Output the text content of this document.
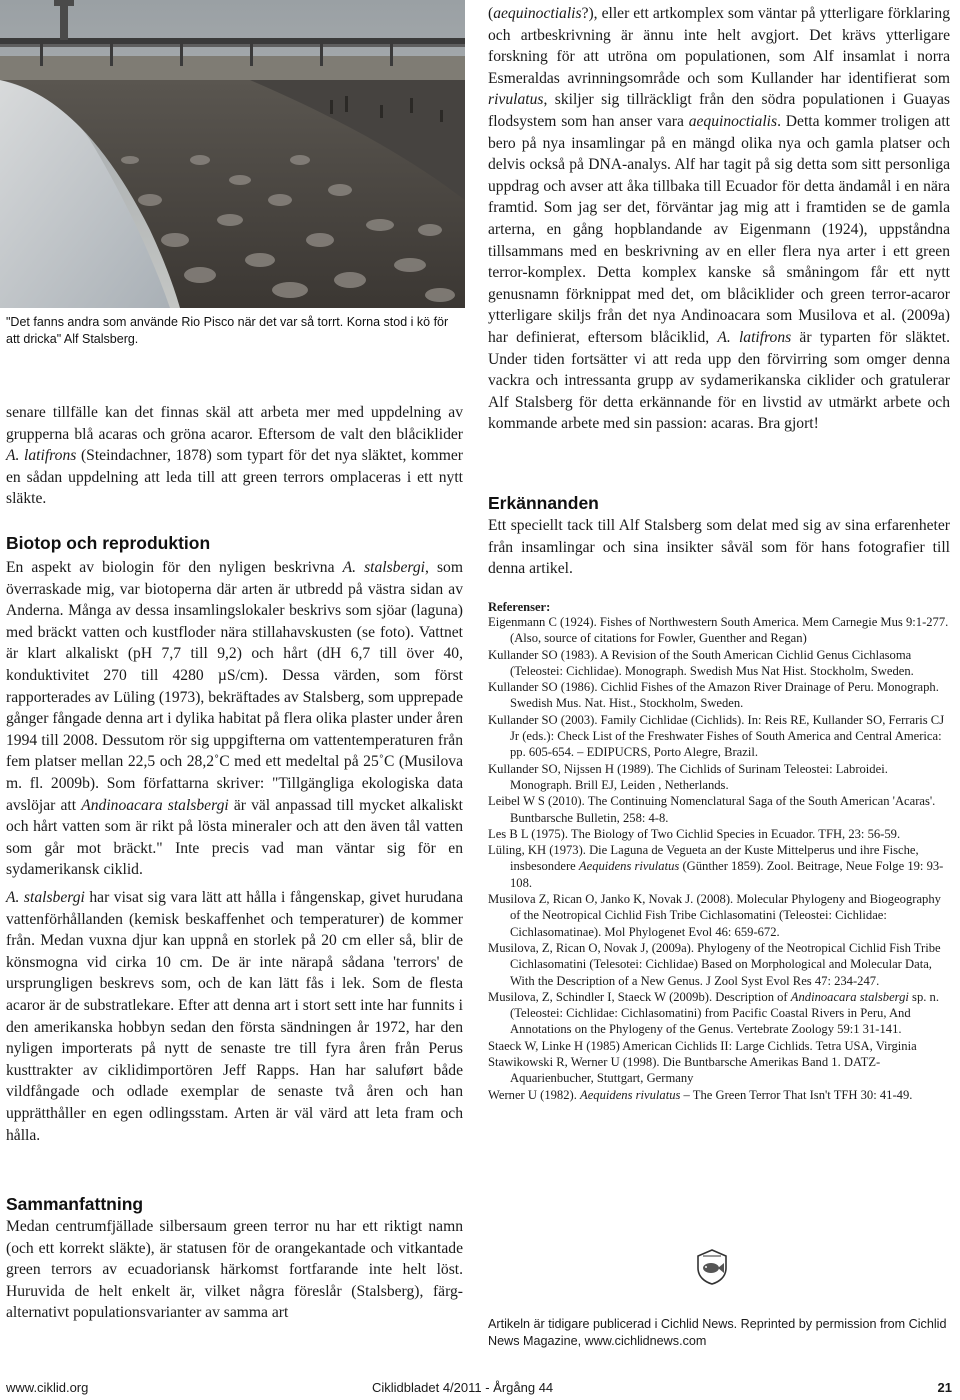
"Det fanns andra som använde Rio Pisco när det var så torrt. Korna stod i kö för att dricka" Alf Stalsberg.

senare tillfälle kan det finnas skäl att arbeta mer med uppdelning av grupperna blå acaras och gröna acaror. Eftersom de valt den blåciklider A. latifrons (Steindachner, 1878) som typart för det nya släktet, kommer en sådan uppdelning att leda till att green terrors omplaceras i ett nytt släkte.

Biotop och reproduktion

En aspekt av biologin för den nyligen beskrivna A. stalsbergi, som överraskade mig, var biotoperna där arten är utbredd på västra sidan av Anderna. Många av dessa insamlingslokaler beskrivs som sjöar (laguna) med bräckt vatten och kustfloder nära stillahavskusten (se foto). Vattnet är klart alkaliskt (pH 7,7 till 9,2) och hårt (dH 6,7 till över 40, konduktivitet 270 till 4280 µS/cm). Dessa värden, som först rapporterades av Lüling (1973), bekräftades av Stalsberg, som upprepade gånger fångade denna art i dylika habitat på flera olika plaster under åren 1994 till 2008. Dessutom rör sig uppgifterna om vattentemperaturen från fem platser mellan 22,5 och 28,2˚C med ett medeltal på 25˚C (Musilova m. fl. 2009b). Som författarna skriver: "Tillgängliga ekologiska data avslöjar att Andinoacara stalsbergi är väl anpassad till mycket alkaliskt och hårt vatten som är rikt på lösta mineraler och att den även tål vatten som går mot bräckt." Inte precis vad man väntar sig för en sydamerikansk ciklid.

A. stalsbergi har visat sig vara lätt att hålla i fångenskap, givet hurudana vattenförhållanden (kemisk beskaffenhet och temperaturer) de kommer från. Medan vuxna djur kan uppnå en storlek på 20 cm eller så, blir de könsmogna vid cirka 10 cm. De är inte närapå sådana 'terrors' de ursprungligen beskrevs som, och de kan lätt fås i lek. Som de flesta acaror är de substratlekare. Efter att denna art i stort sett inte har funnits i den amerikanska hobbyn sedan den första sändningen år 1972, har den nyligen importerats på nytt de senaste tre till fyra åren från Perus kusttrakter av ciklidimportören Jeff Rapps. Han har saluført både vildfångade och odlade exemplar de senaste två åren och han upprätthåller en egen odlingsstam. Arten är väl värd att leta fram och hålla.

Sammanfattning

Medan centrumfjällade silbersaum green terror nu har ett riktigt namn (och ett korrekt släkte), är statusen för de orangekantade och vitkantade green terrors av ecuadoriansk härkomst fortfarande inte helt löst. Huruvida de helt enkelt är, vilket några föreslår (Stalsberg), färg- alternativt populationsvarianter av samma art

(aequinoctialis?), eller ett artkomplex som väntar på ytterligare förklaring och artbeskrivning är ännu inte helt avgjort. Det krävs ytterligare forskning för att utröna om populationen, som Alf insamlat i norra Esmeraldas avrinningsområde och som Kullander har identifierat som rivulatus, skiljer sig tillräckligt från den södra populationen i Guayas flodsystem som han anser vara aequinoctialis. Detta kommer troligen att bero på nya insamlingar på en mängd olika nya och gamla platser och delvis också på DNA-analys. Alf har tagit på sig detta som sitt personliga uppdrag och avser att åka tillbaka till Ecuador för detta ändamål i en nära framtid. Som jag ser det, förväntar jag mig att i framtiden se de gamla arterna, en gång hopblandande av Eigenmann (1924), uppståndna tillsammans med en beskrivning av en eller flera nya arter i ett green terror-komplex. Detta komplex kanske så småningom får ett nytt genusnamn förknippat med det, om blåciklider och green terror-acaror ytterligare skiljs från det nya Andinoacara som Musilova et al. (2009a) har definierat, eftersom blåciklid, A. latifrons är typarten för släktet. Under tiden fortsätter vi att reda upp den förvirring som omger denna vackra och intressanta grupp av sydamerikanska ciklider och gratulerar Alf Stalsberg för detta erkännande för en livstid av utmärkt arbete och kommande arbete med sin passion: acaras. Bra gjort!

Erkännanden

Ett speciellt tack till Alf Stalsberg som delat med sig av sina erfarenheter från insamlingar och sina insikter såväl som för hans fotografier till denna artikel.

Referenser:
Eigenmann C (1924). Fishes of Northwestern South America. Mem Carnegie Mus 9:1-277. (Also, source of citations for Fowler, Guenther and Regan)
Kullander SO (1983). A Revision of the South American Cichlid Genus Cichlasoma (Teleostei: Cichlidae). Monograph. Swedish Mus Nat Hist. Stockholm, Sweden.
Kullander SO (1986). Cichlid Fishes of the Amazon River Drainage of Peru. Monograph. Swedish Mus. Nat. Hist., Stockholm, Sweden.
Kullander SO (2003). Family Cichlidae (Cichlids). In: Reis RE, Kullander SO, Ferraris CJ Jr (eds.): Check List of the Freshwater Fishes of South America and Central America: pp. 605-654. – EDIPUCRS, Porto Alegre, Brazil.
Kullander SO, Nijssen H (1989). The Cichlids of Surinam Teleostei: Labroidei. Monograph. Brill EJ, Leiden , Netherlands.
Leibel W S (2010). The Continuing Nomenclatural Saga of the South American 'Acaras'. Buntbarsche Bulletin, 258: 4-8.
Les B L (1975). The Biology of Two Cichlid Species in Ecuador. TFH, 23: 56-59.
Lüling, KH (1973). Die Laguna de Vegueta an der Kuste Mittelperus und ihre Fische, insbesondere Aequidens rivulatus (Günther 1859). Zool. Beitrage, Neue Folge 19: 93-108.
Musilova Z, Rican O, Janko K, Novak J. (2008). Molecular Phylogeny and Biogeography of the Neotropical Cichlid Fish Tribe Cichlasomatini (Teleostei: Cichlidae: Cichlasomatinae). Mol Phylogenet Evol 46: 659-672.
Musilova, Z, Rican O, Novak J, (2009a). Phylogeny of the Neotropical Cichlid Fish Tribe Cichlasomatini (Telesotei: Cichlidae) Based on Morphological and Molecular Data, With the Description of a New Genus. J Zool Syst Evol Res 47: 234-247.
Musilova, Z, Schindler I, Staeck W (2009b). Description of Andinoacara stalsbergi sp. n. (Teleostei: Cichlidae: Cichlasomatini) from Pacific Coastal Rivers in Peru, And Annotations on the Phylogeny of the Genus. Vertebrate Zoology 59:1 31-141.
Staeck W, Linke H (1985) American Cichlids II: Large Cichlids. Tetra USA, Virginia
Stawikowski R, Werner U (1998). Die Buntbarsche Amerikas Band 1. DATZ-Aquarienbucher, Stuttgart, Germany
Werner U (1982). Aequidens rivulatus – The Green Terror That Isn't TFH 30: 41-49.
Artikeln är tidigare publicerad i Cichlid News. Reprinted by permission from Cichlid News Magazine, www.cichlidnews.com
www.ciklid.org	Ciklidbladet 4/2011 - Årgång 44	21
